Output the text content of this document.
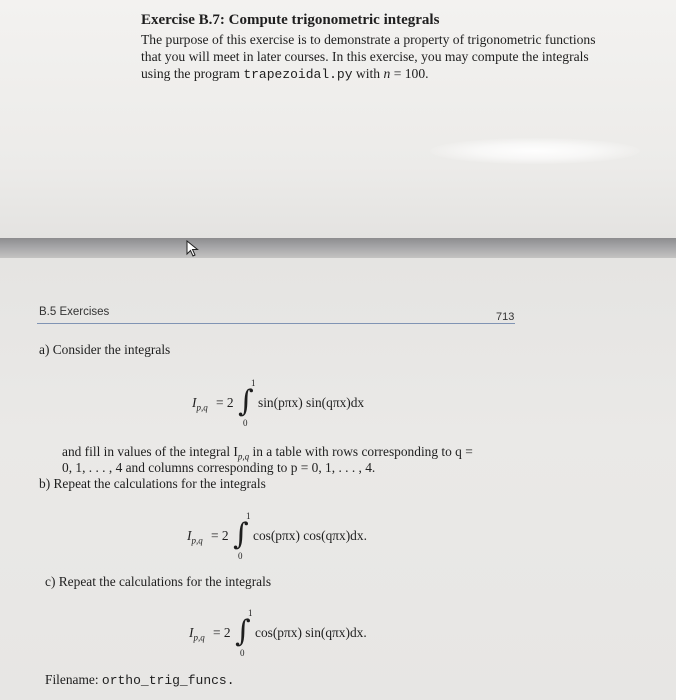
Exercise B.7: Compute trigonometric integrals
The purpose of this exercise is to demonstrate a property of trigonometric functions
that you will meet in later courses. In this exercise, you may compute the integrals
using the program trapezoidal.py with n = 100.
B.5 Exercises	713
a) Consider the integrals
$I_{p,q} = 2$ ∫
1
0
sin(pπx) sin(qπx)dx
and fill in values of the integral $I_{p,q}$ in a table with rows corresponding to q =
0, 1, . . . , 4 and columns corresponding to p = 0, 1, . . . , 4.
b) Repeat the calculations for the integrals
$I_{p,q} = 2$ ∫
1
0
cos(pπx) cos(qπx)dx.
c) Repeat the calculations for the integrals
$I_{p,q} = 2$ ∫
1
0
cos(pπx) sin(qπx)dx.
Filename: ortho_trig_funcs.
